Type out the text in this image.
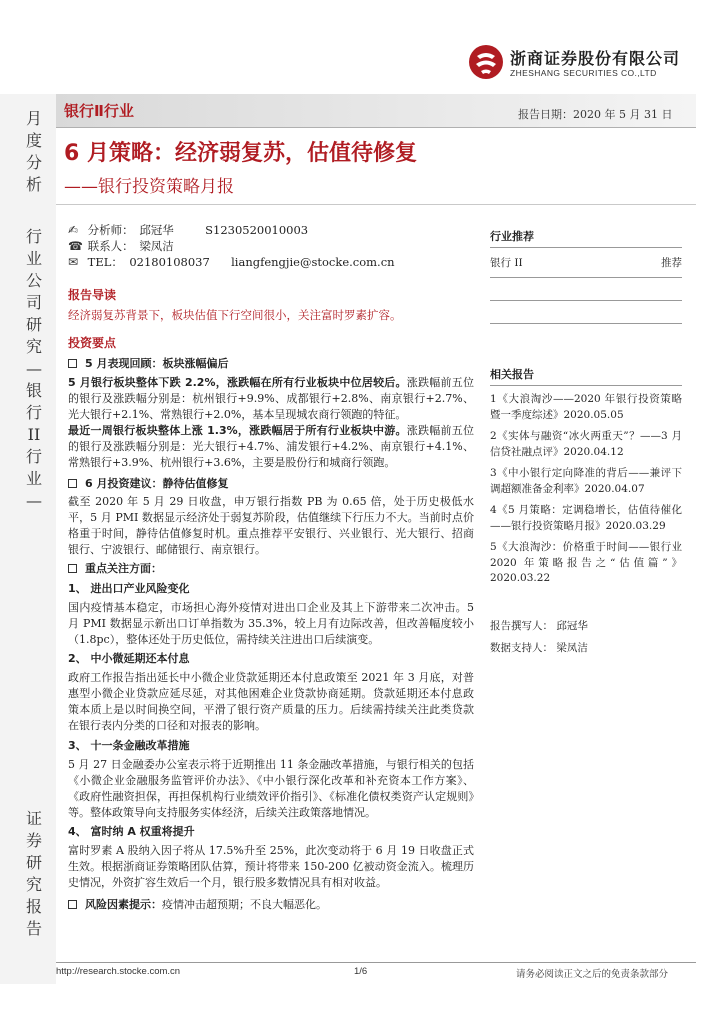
浙商证券股份有限公司
ZHESHANG SECURITIES CO.,LTD
月
度
分
析
行
业
公
司
研
究
—
银
行
II
行
业
—
证
券
研
究
报
告
银行Ⅱ行业	报告日期：2020 年 5 月 31 日
6 月策略：经济弱复苏，估值待修复
——银行投资策略月报
✍ 分析师： 邱冠华	S1230520010003
☎ 联系人： 梁凤洁
✉ TEL： 02180108037 liangfengjie@stocke.com.cn
报告导读
经济弱复苏背景下，板块估值下行空间很小，关注富时罗素扩容。
投资要点
5 月表现回顾：板块涨幅偏后
5 月银行板块整体下跌 2.2%，涨跌幅在所有行业板块中位居较后。涨跌幅前五位的银行及涨跌幅分别是：杭州银行+9.9%、成都银行+2.8%、南京银行+2.7%、光大银行+2.1%、常熟银行+2.0%，基本呈现城农商行领跑的特征。
最近一周银行板块整体上涨 1.3%，涨跌幅居于所有行业板块中游。涨跌幅前五位的银行及涨跌幅分别是：光大银行+4.7%、浦发银行+4.2%、南京银行+4.1%、常熟银行+3.9%、杭州银行+3.6%，主要是股份行和城商行领跑。
6 月投资建议：静待估值修复
截至 2020 年 5 月 29 日收盘，申万银行指数 PB 为 0.65 倍，处于历史极低水平，5 月 PMI 数据显示经济处于弱复苏阶段，估值继续下行压力不大。当前时点价格重于时间，静待估值修复时机。重点推荐平安银行、兴业银行、光大银行、招商银行、宁波银行、邮储银行、南京银行。
重点关注方面：
1、 进出口产业风险变化
国内疫情基本稳定，市场担心海外疫情对进出口企业及其上下游带来二次冲击。5 月 PMI 数据显示新出口订单指数为 35.3%，较上月有边际改善，但改善幅度较小（1.8pc），整体还处于历史低位，需持续关注进出口后续演变。
2、 中小微延期还本付息
政府工作报告指出延长中小微企业贷款延期还本付息政策至 2021 年 3 月底，对普惠型小微企业贷款应延尽延，对其他困难企业贷款协商延期。贷款延期还本付息政策本质上是以时间换空间，平滑了银行资产质量的压力。后续需持续关注此类贷款在银行表内分类的口径和对报表的影响。
3、 十一条金融改革措施
5 月 27 日金融委办公室表示将于近期推出 11 条金融改革措施，与银行相关的包括《小微企业金融服务监管评价办法》、《中小银行深化改革和补充资本工作方案》、《政府性融资担保，再担保机构行业绩效评价指引》、《标准化债权类资产认定规则》等。整体政策导向支持服务实体经济，后续关注政策落地情况。
4、 富时纳 A 权重将提升
富时罗素 A 股纳入因子将从 17.5%升至 25%，此次变动将于 6 月 19 日收盘正式生效。根据浙商证券策略团队估算，预计将带来 150-200 亿被动资金流入。梳理历史情况，外资扩容生效后一个月，银行股多数情况具有相对收益。
风险因素提示：疫情冲击超预期；不良大幅恶化。
行业推荐
银行 II	推荐
相关报告
1《大浪淘沙——2020 年银行投资策略暨一季度综述》2020.05.05
2《实体与融资“冰火两重天”？——3 月信贷社融点评》2020.04.12
3《中小银行定向降准的背后——兼评下调超额准备金利率》2020.04.07
4《5 月策略：定调稳增长，估值待催化——银行投资策略月报》2020.03.29
5《大浪淘沙：价格重于时间——银行业 2020 年策略报告之“估值篇”》2020.03.22
报告撰写人： 邱冠华
数据支持人： 梁凤洁
http://research.stocke.com.cn	1/6	请务必阅读正文之后的免责条款部分
